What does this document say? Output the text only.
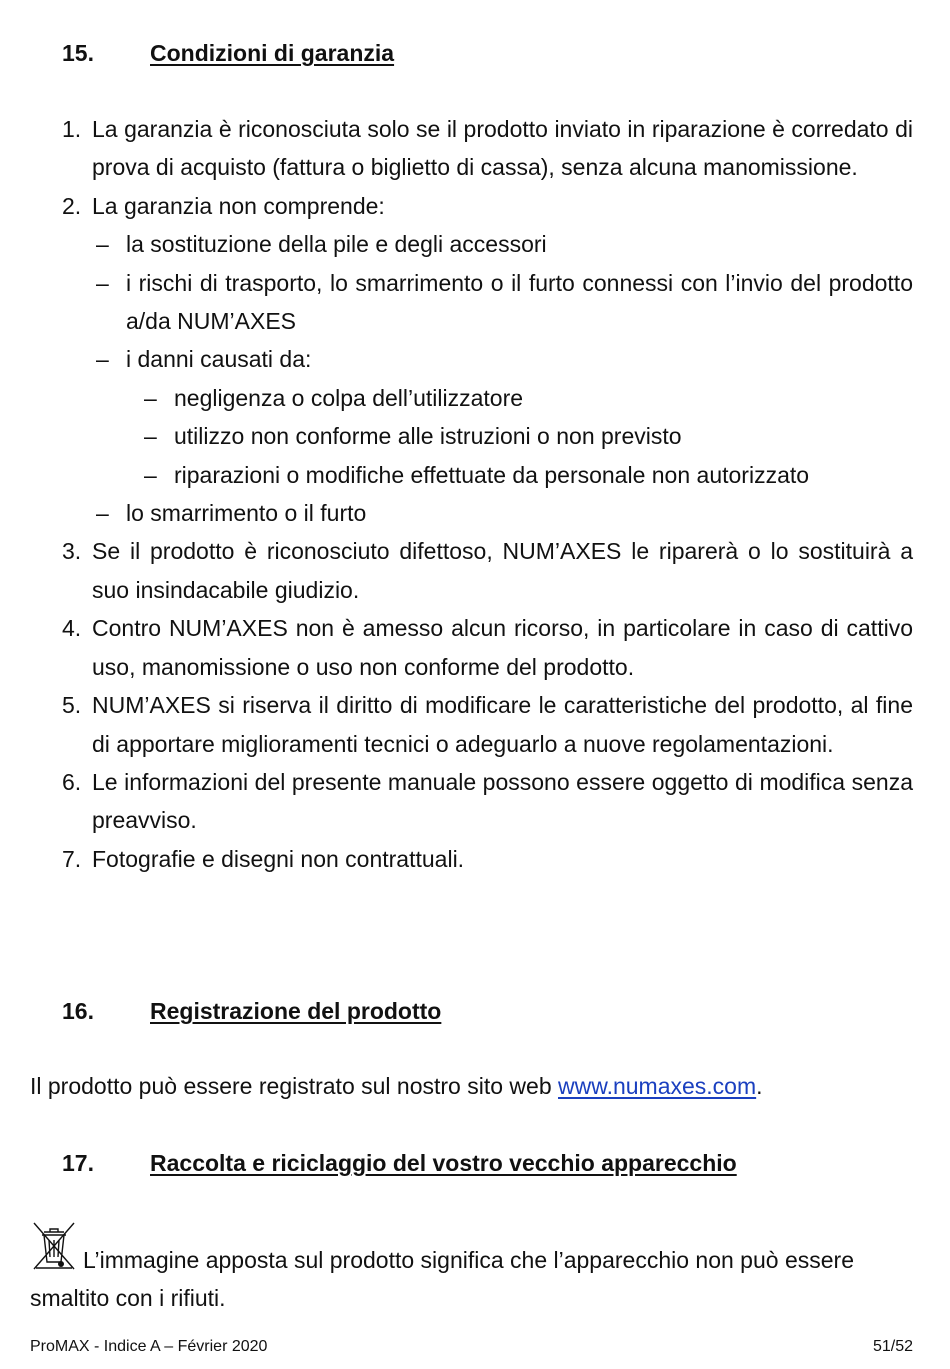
15. Condizioni di garanzia
1. La garanzia è riconosciuta solo se il prodotto inviato in riparazione è corredato di prova di acquisto (fattura o biglietto di cassa), senza alcuna manomissione.
2. La garanzia non comprende:
– la sostituzione della pile e degli accessori
– i rischi di trasporto, lo smarrimento o il furto connessi con l’invio del prodotto a/da NUM’AXES
– i danni causati da:
– negligenza o colpa dell’utilizzatore
– utilizzo non conforme alle istruzioni o non previsto
– riparazioni o modifiche effettuate da personale non autorizzato
– lo smarrimento o il furto
3. Se il prodotto è riconosciuto difettoso, NUM’AXES le riparerà o lo sostituirà a suo insindacabile giudizio.
4. Contro NUM’AXES non è amesso alcun ricorso, in particolare in caso di cattivo uso, manomissione o uso non conforme del prodotto.
5. NUM’AXES si riserva il diritto di modificare le caratteristiche del prodotto, al fine di apportare miglioramenti tecnici o adeguarlo a nuove regolamentazioni.
6. Le informazioni del presente manuale possono essere oggetto di modifica senza preavviso.
7. Fotografie e disegni non contrattuali.
16. Registrazione del prodotto
Il prodotto può essere registrato sul nostro sito web www.numaxes.com.
17. Raccolta e riciclaggio del vostro vecchio apparecchio
L’immagine apposta sul prodotto significa che l’apparecchio non può essere smaltito con i rifiuti.
ProMAX - Indice A – Février 2020	51/52
